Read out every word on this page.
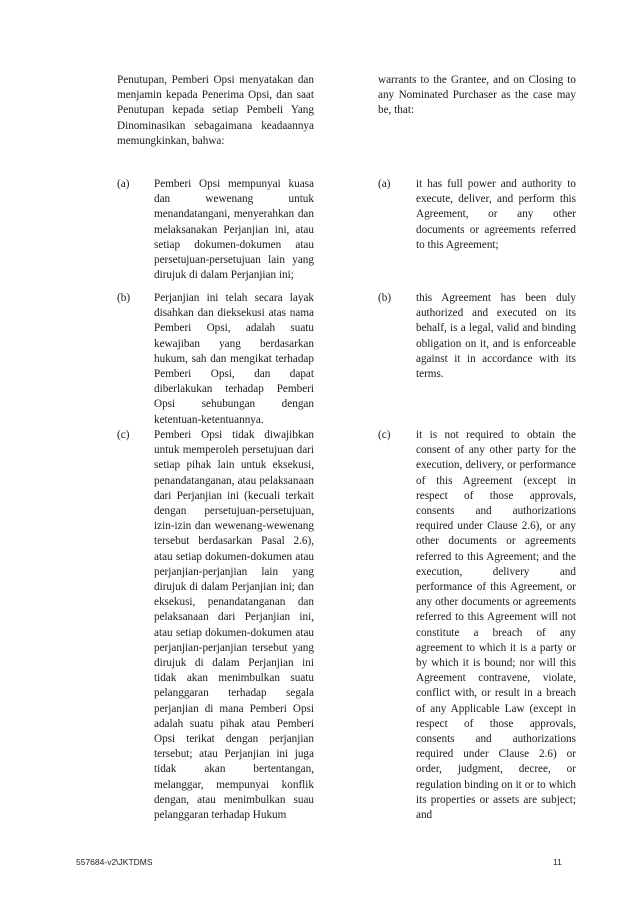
Penutupan, Pemberi Opsi menyatakan dan menjamin kepada Penerima Opsi, dan saat Penutupan kepada setiap Pembeli Yang Dinominasikan sebagaimana keadaannya memungkinkan, bahwa:
warrants to the Grantee, and on Closing to any Nominated Purchaser as the case may be, that:
(a) Pemberi Opsi mempunyai kuasa dan wewenang untuk menandatangani, menyerahkan dan melaksanakan Perjanjian ini, atau setiap dokumen-dokumen atau persetujuan-persetujuan lain yang dirujuk di dalam Perjanjian ini;
(a) it has full power and authority to execute, deliver, and perform this Agreement, or any other documents or agreements referred to this Agreement;
(b) Perjanjian ini telah secara layak disahkan dan dieksekusi atas nama Pemberi Opsi, adalah suatu kewajiban yang berdasarkan hukum, sah dan mengikat terhadap Pemberi Opsi, dan dapat diberlakukan terhadap Pemberi Opsi sehubungan dengan ketentuan-ketentuannya.
(b) this Agreement has been duly authorized and executed on its behalf, is a legal, valid and binding obligation on it, and is enforceable against it in accordance with its terms.
(c) Pemberi Opsi tidak diwajibkan untuk memperoleh persetujuan dari setiap pihak lain untuk eksekusi, penandatanganan, atau pelaksanaan dari Perjanjian ini (kecuali terkait dengan persetujuan-persetujuan, izin-izin dan wewenang-wewenang tersebut berdasarkan Pasal 2.6), atau setiap dokumen-dokumen atau perjanjian-perjanjian lain yang dirujuk di dalam Perjanjian ini; dan eksekusi, penandatanganan dan pelaksanaan dari Perjanjian ini, atau setiap dokumen-dokumen atau perjanjian-perjanjian tersebut yang dirujuk di dalam Perjanjian ini tidak akan menimbulkan suatu pelanggaran terhadap segala perjanjian di mana Pemberi Opsi adalah suatu pihak atau Pemberi Opsi terikat dengan perjanjian tersebut; atau Perjanjian ini juga tidak akan bertentangan, melanggar, mempunyai konflik dengan, atau menimbulkan suau pelanggaran terhadap Hukum
(c) it is not required to obtain the consent of any other party for the execution, delivery, or performance of this Agreement (except in respect of those approvals, consents and authorizations required under Clause 2.6), or any other documents or agreements referred to this Agreement; and the execution, delivery and performance of this Agreement, or any other documents or agreements referred to this Agreement will not constitute a breach of any agreement to which it is a party or by which it is bound; nor will this Agreement contravene, violate, conflict with, or result in a breach of any Applicable Law (except in respect of those approvals, consents and authorizations required under Clause 2.6) or order, judgment, decree, or regulation binding on it or to which its properties or assets are subject; and
557684-v2\JKTDMS	11
